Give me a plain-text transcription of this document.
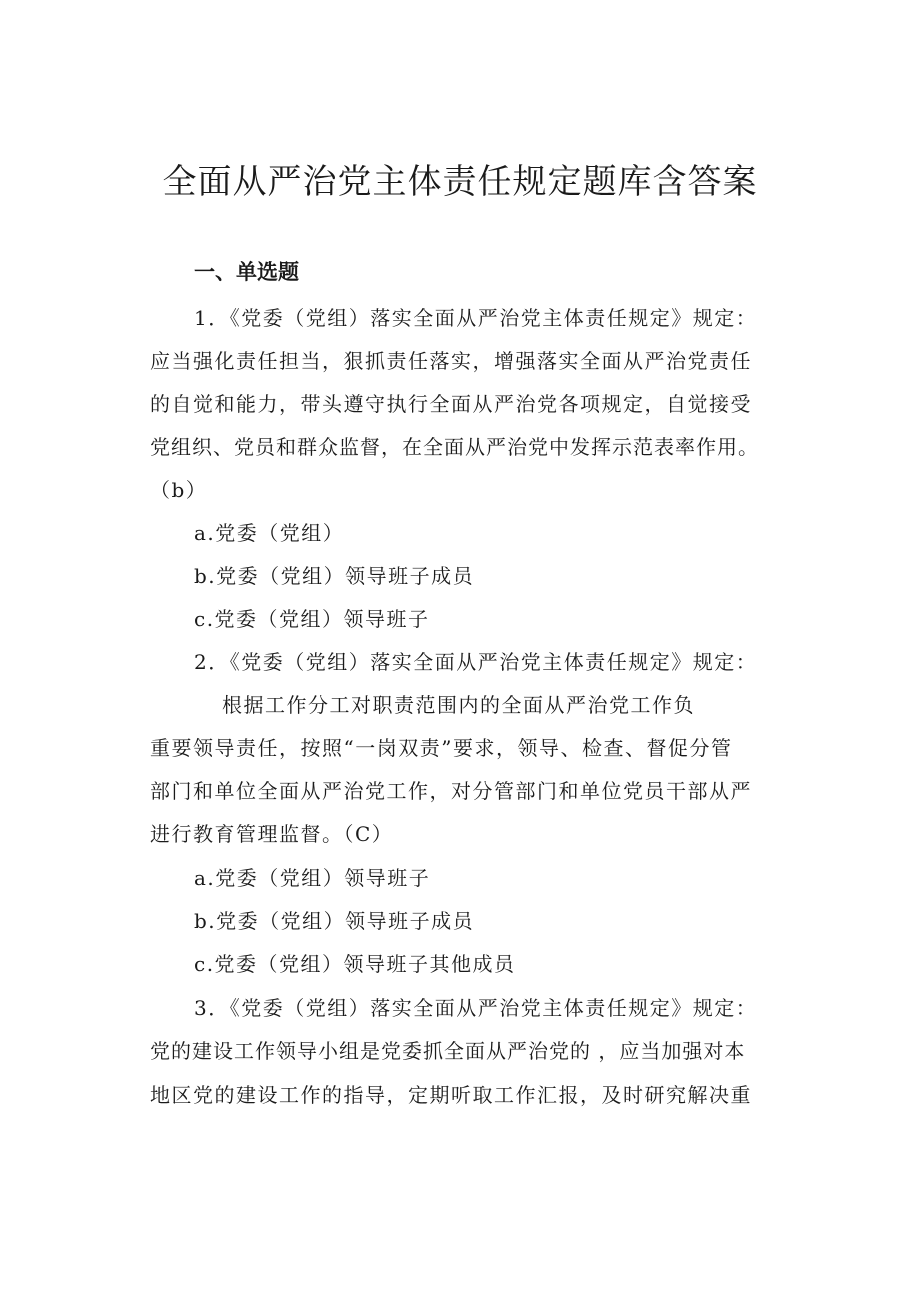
全面从严治党主体责任规定题库含答案
一、单选题
1．《党委（党组）落实全面从严治党主体责任规定》规定：
应当强化责任担当，狠抓责任落实，增强落实全面从严治党责任
的自觉和能力，带头遵守执行全面从严治党各项规定，自觉接受
党组织、党员和群众监督，在全面从严治党中发挥示范表率作用。
（b）
a.党委（党组）
b.党委（党组）领导班子成员
c.党委（党组）领导班子
2．《党委（党组）落实全面从严治党主体责任规定》规定：
根据工作分工对职责范围内的全面从严治党工作负
重要领导责任，按照“一岗双责”要求，领导、检查、督促分管
部门和单位全面从严治党工作，对分管部门和单位党员干部从严
进行教育管理监督。（C）
a.党委（党组）领导班子
b.党委（党组）领导班子成员
c.党委（党组）领导班子其他成员
3．《党委（党组）落实全面从严治党主体责任规定》规定：
党的建设工作领导小组是党委抓全面从严治党的 ，应当加强对本
地区党的建设工作的指导，定期听取工作汇报，及时研究解决重
